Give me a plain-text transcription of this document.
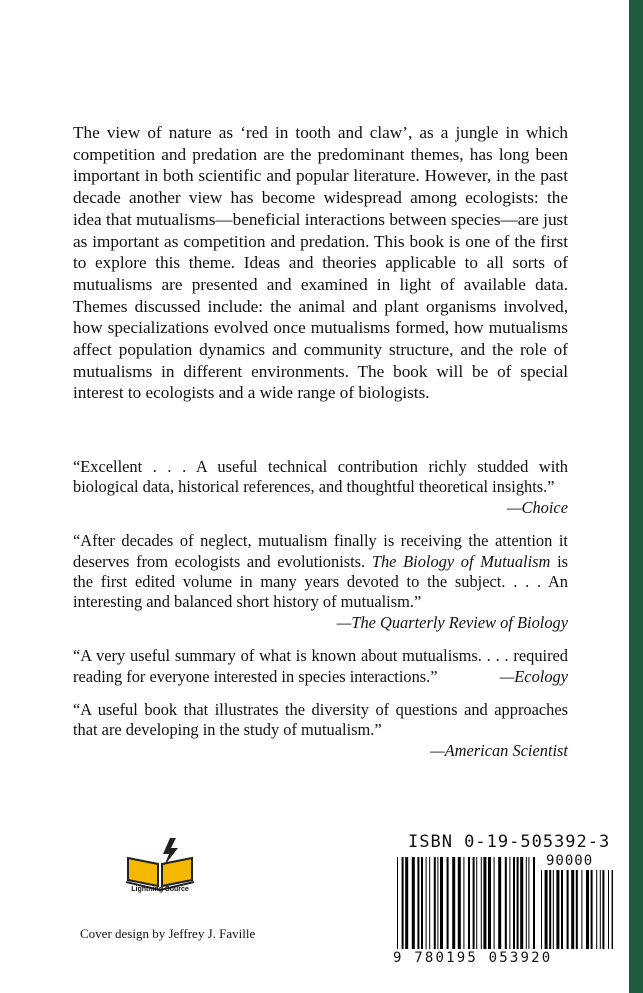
The view of nature as ‘red in tooth and claw’, as a jungle in which competition and predation are the predominant themes, has long been important in both scientific and popular literature. However, in the past decade another view has become widespread among ecologists: the idea that mutualisms—beneficial interactions between species—are just as important as competition and predation. This book is one of the first to explore this theme. Ideas and theories applicable to all sorts of mutualisms are presented and examined in light of available data. Themes discussed include: the animal and plant organisms involved, how specializations evolved once mutualisms formed, how mutualisms affect population dynamics and community structure, and the role of mutualisms in different environments. The book will be of special interest to ecologists and a wide range of biologists.
“Excellent . . . A useful technical contribution richly studded with biological data, historical references, and thoughtful theoretical insights.”
—Choice
“After decades of neglect, mutualism finally is receiving the attention it deserves from ecologists and evolutionists. The Biology of Mutualism is the first edited volume in many years devoted to the subject. . . . An interesting and balanced short history of mutualism.”
—The Quarterly Review of Biology
“A very useful summary of what is known about mutualisms. . . . required reading for everyone interested in species interactions.”	—Ecology
“A useful book that illustrates the diversity of questions and approaches that are developing in the study of mutualism.”
—American Scientist
Lightning Source
Cover design by Jeffrey J. Faville
ISBN 0-19-505392-3
90000
9 780195 053920
